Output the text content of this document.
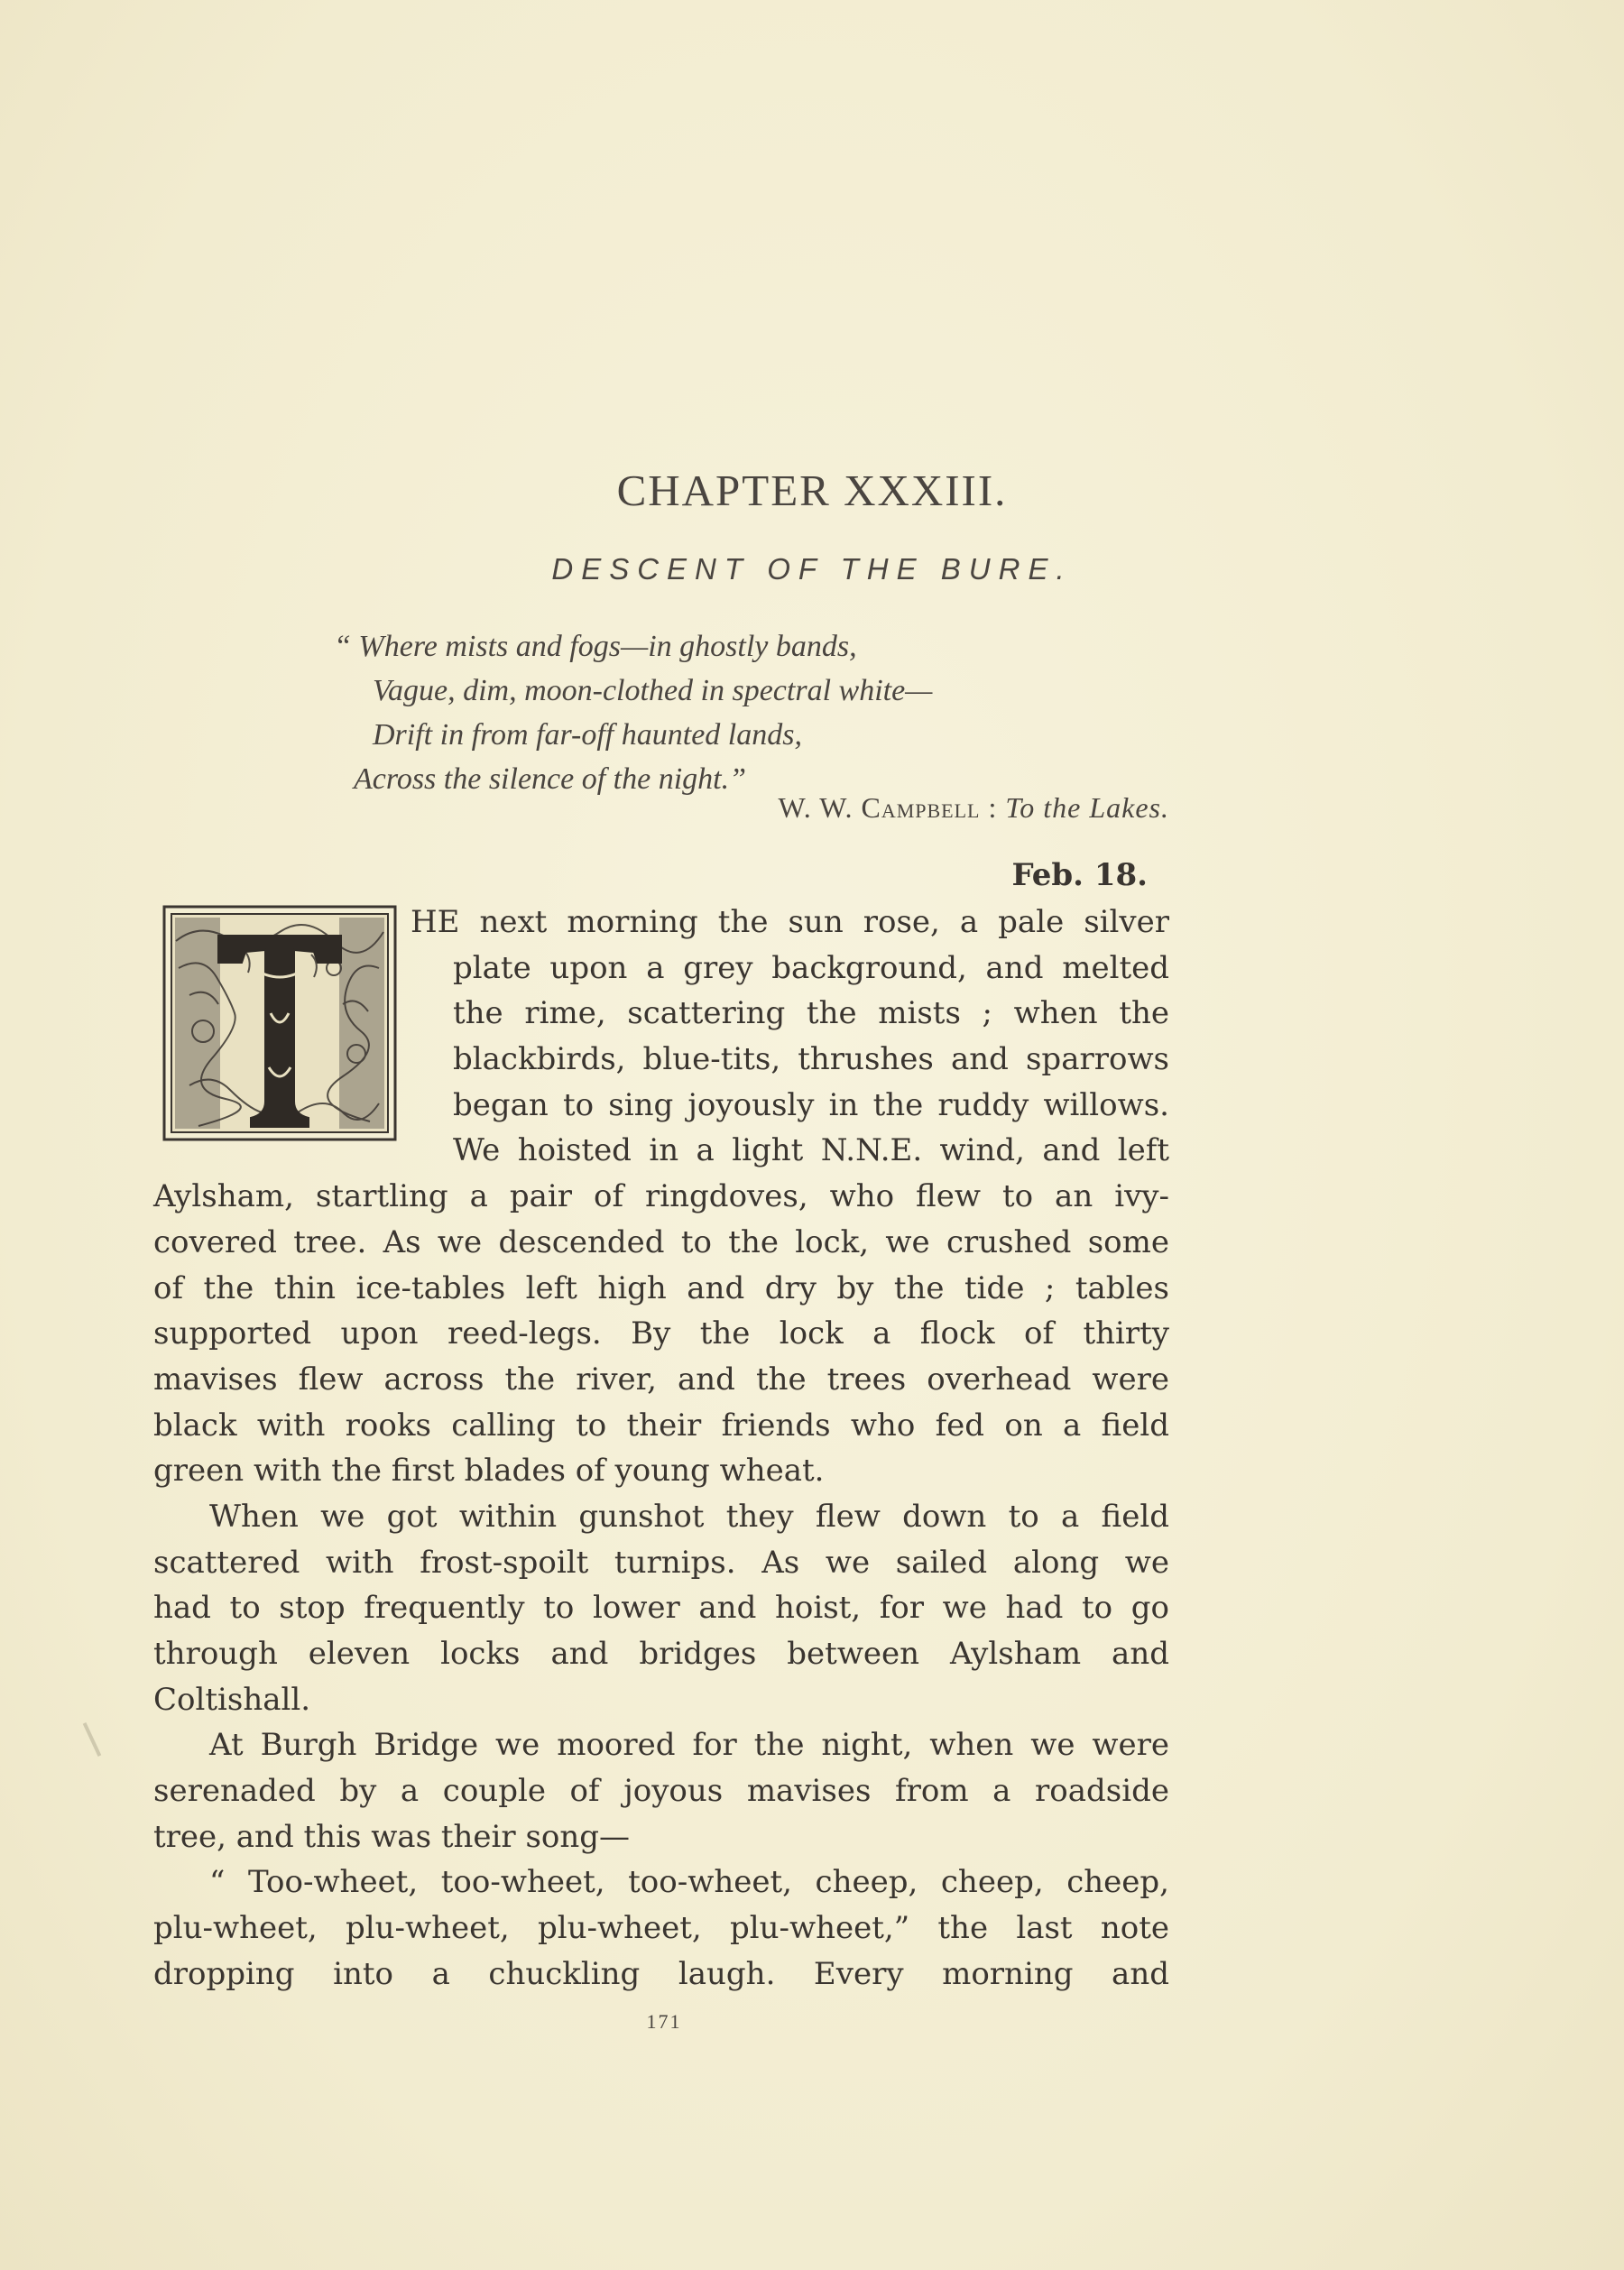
CHAPTER XXXIII.
DESCENT OF THE BURE.
“ Where mists and fogs—in ghostly bands,
Vague, dim, moon-clothed in spectral white—
Drift in from far-off haunted lands,
Across the silence of the night.”
W. W. Campbell : To the Lakes.
Feb. 18.
HE next morning the sun rose, a pale silver
plate upon a grey background, and melted
the rime, scattering the mists ; when the
blackbirds, blue-tits, thrushes and sparrows
began to sing joyously in the ruddy willows.
We hoisted in a light N.N.E. wind, and left
Aylsham, startling a pair of ringdoves, who flew to an ivy-
covered tree. As we descended to the lock, we crushed some
of the thin ice-tables left high and dry by the tide ; tables
supported upon reed-legs. By the lock a flock of thirty
mavises flew across the river, and the trees overhead were
black with rooks calling to their friends who fed on a field
green with the first blades of young wheat.
When we got within gunshot they flew down to a field
scattered with frost-spoilt turnips. As we sailed along we
had to stop frequently to lower and hoist, for we had to go
through eleven locks and bridges between Aylsham and
Coltishall.
At Burgh Bridge we moored for the night, when we were
serenaded by a couple of joyous mavises from a roadside
tree, and this was their song—
“ Too-wheet, too-wheet, too-wheet, cheep, cheep, cheep,
plu-wheet, plu-wheet, plu-wheet, plu-wheet,” the last note
dropping into a chuckling laugh. Every morning and
171
